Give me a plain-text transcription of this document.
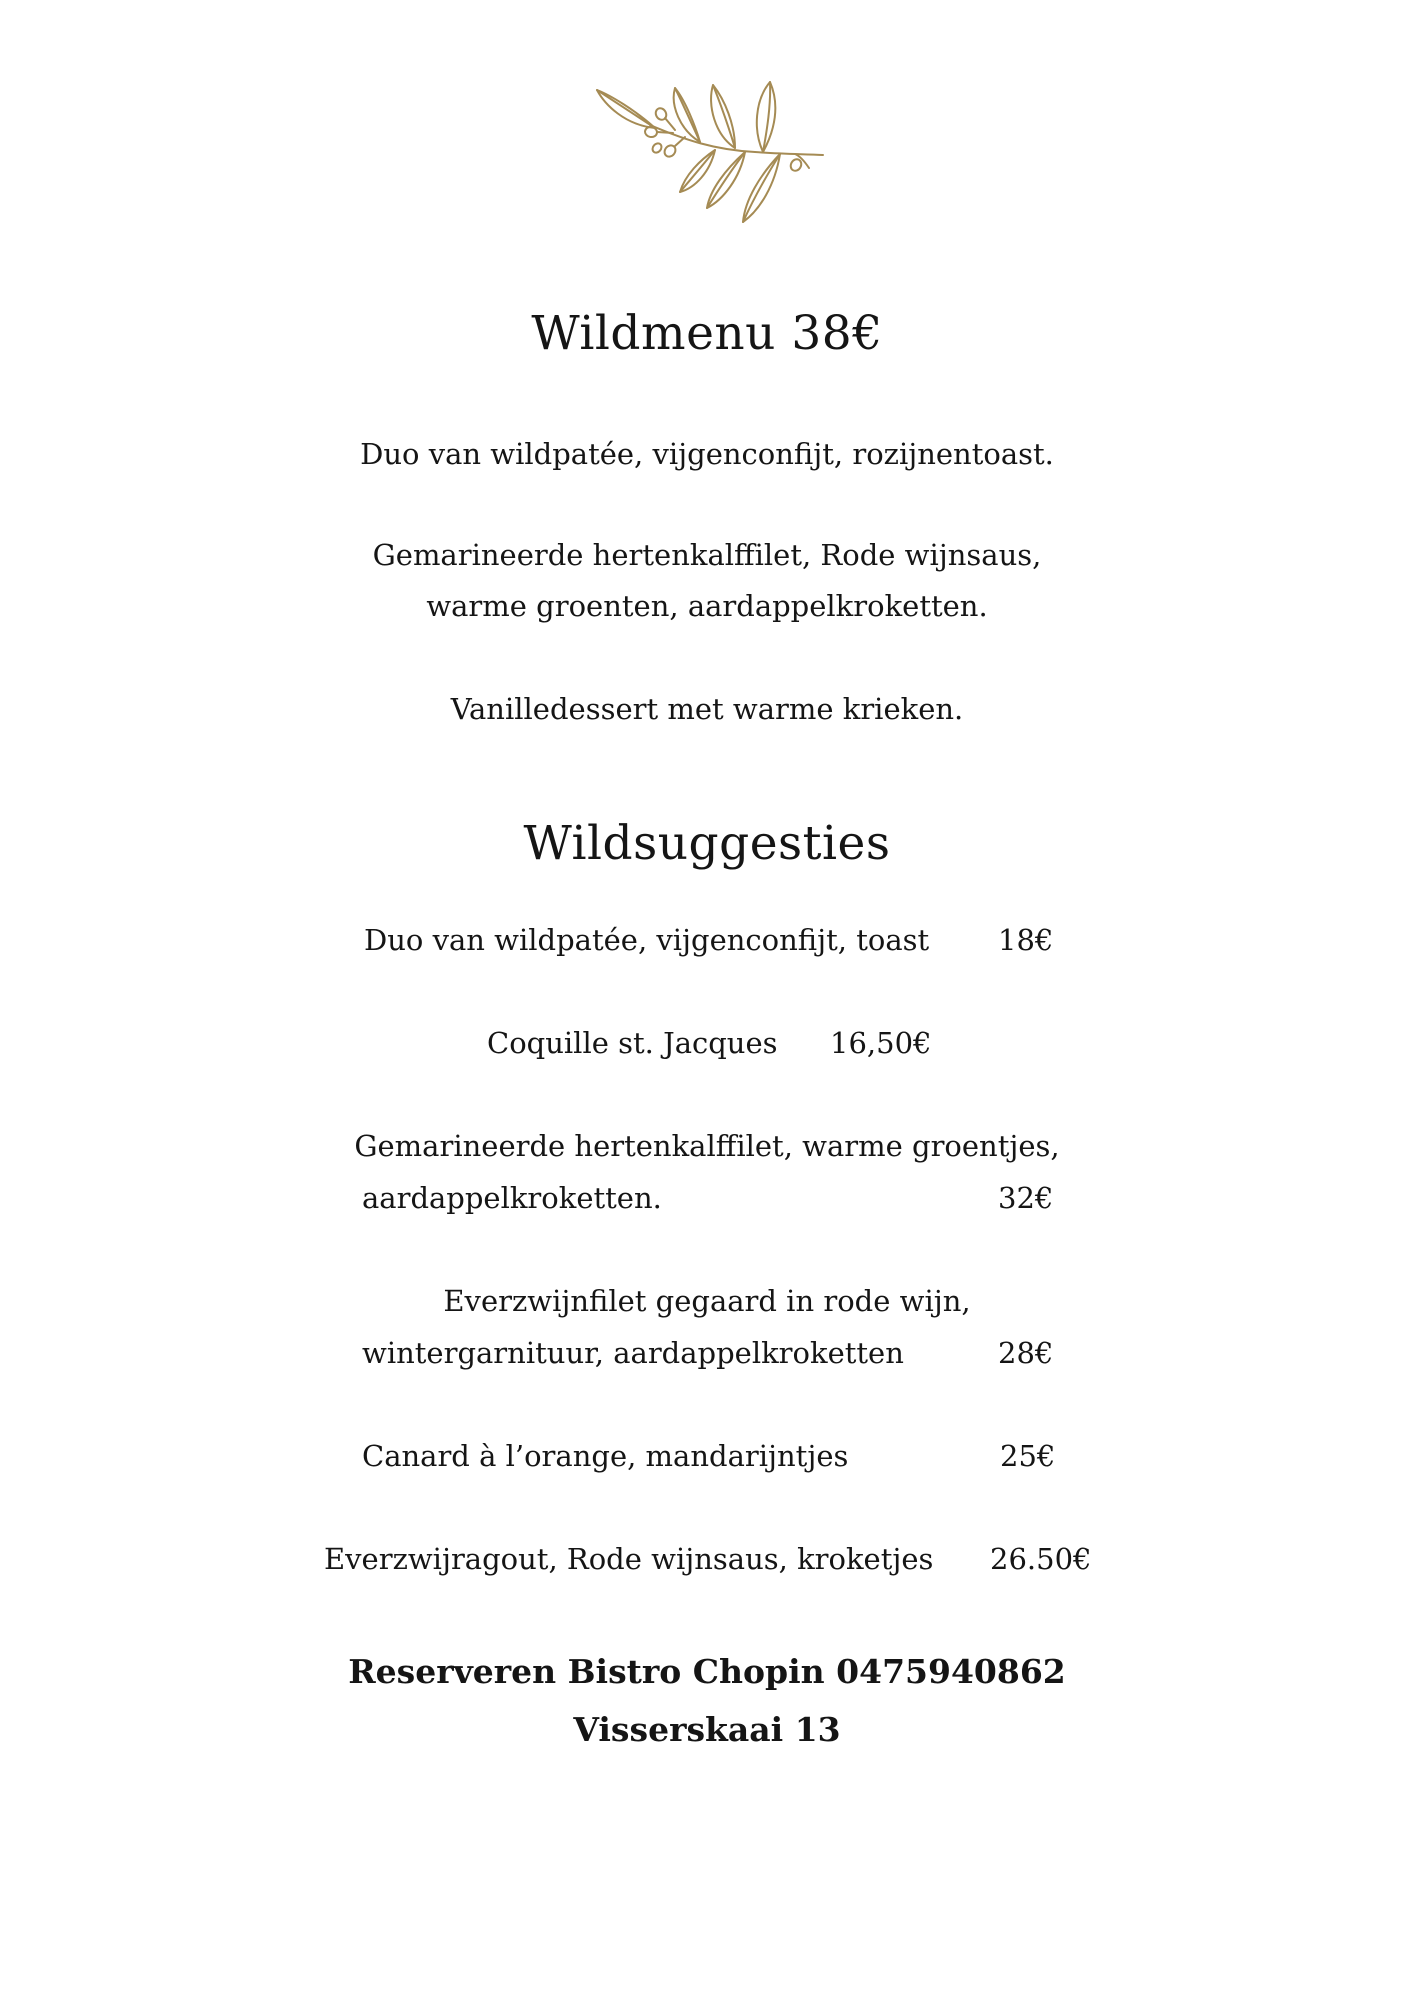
Wildmenu 38€
Duo van wildpatée, vijgenconfijt, rozijnentoast.
Gemarineerde hertenkalffilet, Rode wijnsaus,
warme groenten, aardappelkroketten.
Vanilledessert met warme krieken.
Wildsuggesties
Duo van wildpatée, vijgenconfijt, toast 18€
Coquille st. Jacques 16,50€
Gemarineerde hertenkalffilet, warme groentjes,
aardappelkroketten.	32€
Everzwijnfilet gegaard in rode wijn,
wintergarnituur, aardappelkroketten	28€
Canard à l’orange, mandarijntjes	25€
Everzwijragout, Rode wijnsaus, kroketjes 26.50€
Reserveren Bistro Chopin 0475940862
Visserskaai 13
